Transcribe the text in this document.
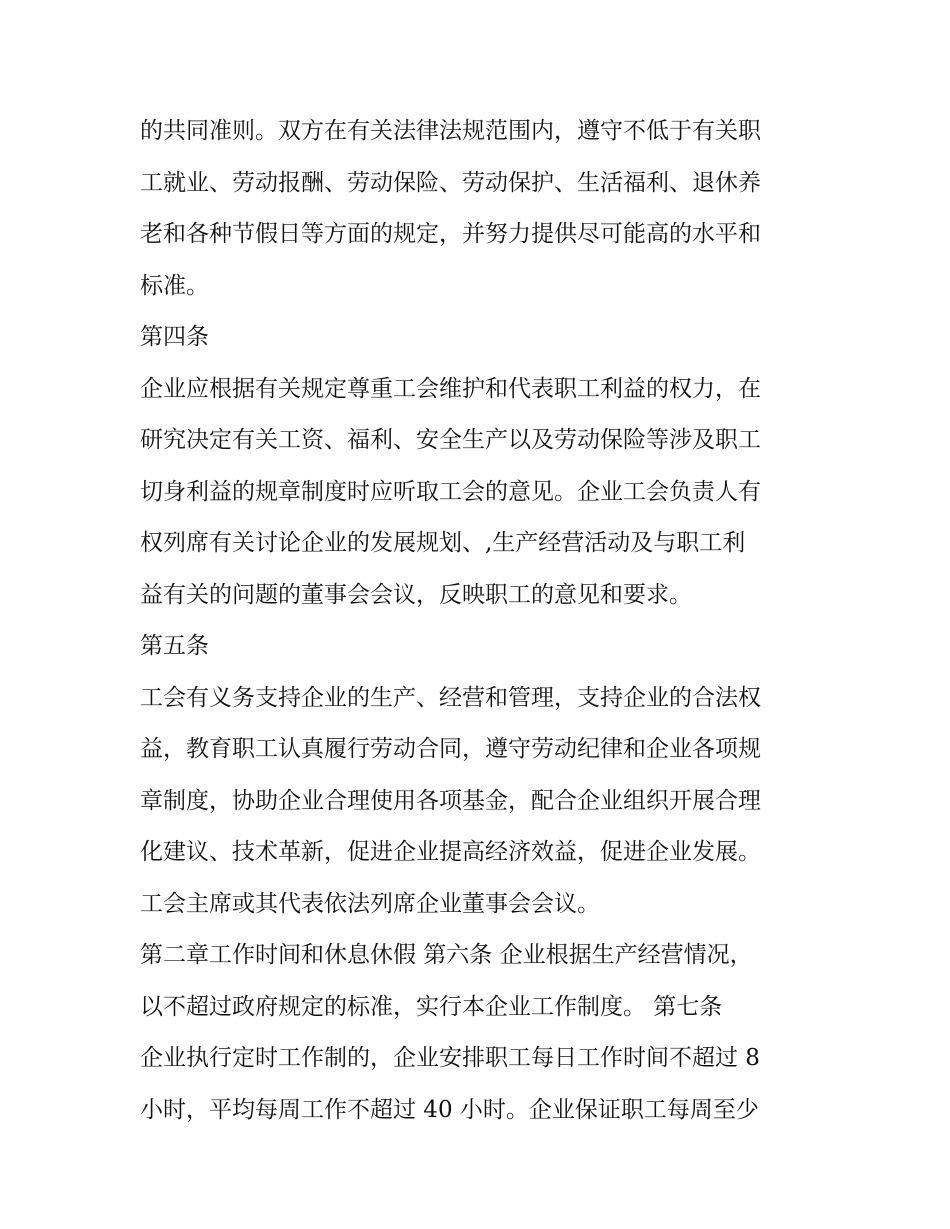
的共同准则。双方在有关法律法规范围内，遵守不低于有关职
工就业、劳动报酬、劳动保险、劳动保护、生活福利、退休养
老和各种节假日等方面的规定，并努力提供尽可能高的水平和
标准。
第四条
企业应根据有关规定尊重工会维护和代表职工利益的权力，在
研究决定有关工资、福利、安全生产以及劳动保险等涉及职工
切身利益的规章制度时应听取工会的意见。企业工会负责人有
权列席有关讨论企业的发展规划、,生产经营活动及与职工利
益有关的问题的董事会会议，反映职工的意见和要求。
第五条
工会有义务支持企业的生产、经营和管理，支持企业的合法权
益，教育职工认真履行劳动合同，遵守劳动纪律和企业各项规
章制度，协助企业合理使用各项基金，配合企业组织开展合理
化建议、技术革新，促进企业提高经济效益，促进企业发展。
工会主席或其代表依法列席企业董事会会议。
第二章工作时间和休息休假 第六条 企业根据生产经营情况，
以不超过政府规定的标准，实行本企业工作制度。 第七条
企业执行定时工作制的，企业安排职工每日工作时间不超过 8
小时，平均每周工作不超过 40 小时。企业保证职工每周至少
